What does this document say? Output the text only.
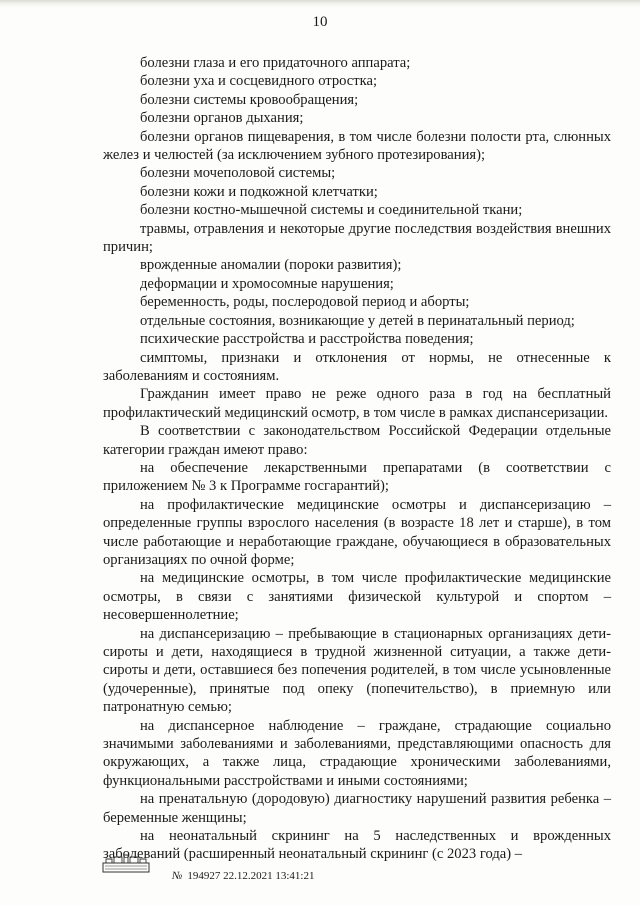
10

болезни глаза и его придаточного аппарата;

болезни уха и сосцевидного отростка;

болезни системы кровообращения;

болезни органов дыхания;

болезни органов пищеварения, в том числе болезни полости рта, слюнных желез и челюстей (за исключением зубного протезирования);

болезни мочеполовой системы;

болезни кожи и подкожной клетчатки;

болезни костно-мышечной системы и соединительной ткани;

травмы, отравления и некоторые другие последствия воздействия внешних причин;

врожденные аномалии (пороки развития);

деформации и хромосомные нарушения;

беременность, роды, послеродовой период и аборты;

отдельные состояния, возникающие у детей в перинатальный период;

психические расстройства и расстройства поведения;

симптомы, признаки и отклонения от нормы, не отнесенные к заболеваниям и состояниям.

Гражданин имеет право не реже одного раза в год на бесплатный профилактический медицинский осмотр, в том числе в рамках диспансеризации.

В соответствии с законодательством Российской Федерации отдельные категории граждан имеют право:

на обеспечение лекарственными препаратами (в соответствии с приложением № 3 к Программе госгарантий);

на профилактические медицинские осмотры и диспансеризацию – определенные группы взрослого населения (в возрасте 18 лет и старше), в том числе работающие и неработающие граждане, обучающиеся в образовательных организациях по очной форме;

на медицинские осмотры, в том числе профилактические медицинские осмотры, в связи с занятиями физической культурой и спортом – несовершеннолетние;

на диспансеризацию – пребывающие в стационарных организациях дети-сироты и дети, находящиеся в трудной жизненной ситуации, а также дети-сироты и дети, оставшиеся без попечения родителей, в том числе усыновленные (удочеренные), принятые под опеку (попечительство), в приемную или патронатную семью;

на диспансерное наблюдение – граждане, страдающие социально значимыми заболеваниями и заболеваниями, представляющими опасность для окружающих, а также лица, страдающие хроническими заболеваниями, функциональными расстройствами и иными состояниями;

на пренатальную (дородовую) диагностику нарушений развития ребенка – беременные женщины;

на неонатальный скрининг на 5 наследственных и врожденных заболеваний (расширенный неонатальный скрининг (с 2023 года) –

№ 194927 22.12.2021 13:41:21
